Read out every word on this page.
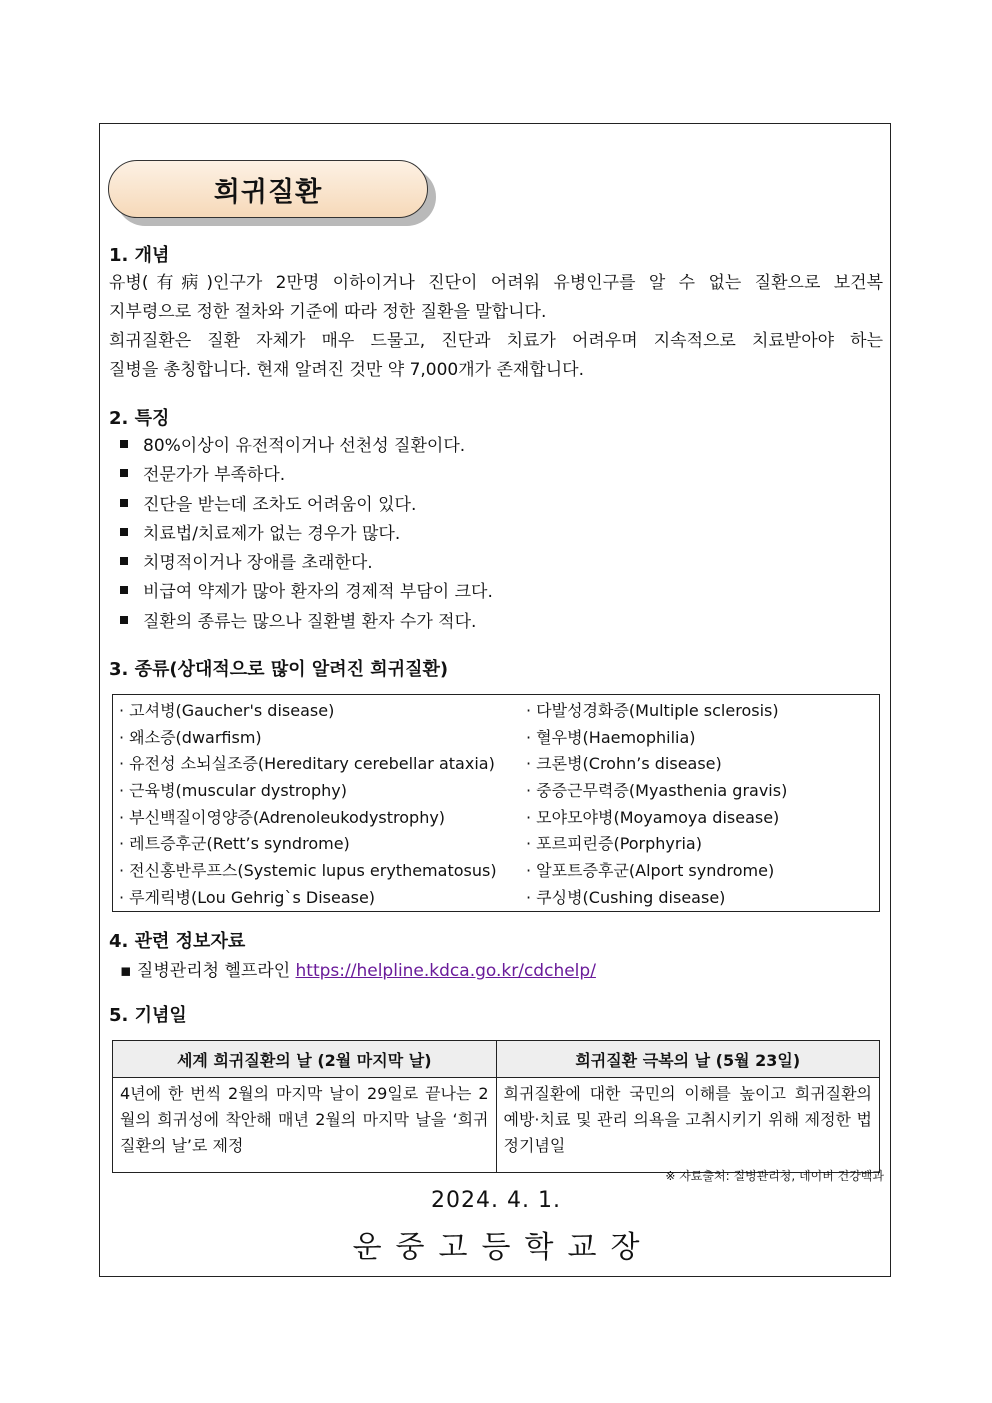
희귀질환
1. 개념
유병(有病)인구가 2만명 이하이거나 진단이 어려워 유병인구를 알 수 없는 질환으로 보건복
지부령으로 정한 절차와 기준에 따라 정한 질환을 말합니다.
희귀질환은 질환 자체가 매우 드물고, 진단과 치료가 어려우며 지속적으로 치료받아야 하는
질병을 총칭합니다. 현재 알려진 것만 약 7,000개가 존재합니다.
2. 특징
80%이상이 유전적이거나 선천성 질환이다.
전문가가 부족하다.
진단을 받는데 조차도 어려움이 있다.
치료법/치료제가 없는 경우가 많다.
치명적이거나 장애를 초래한다.
비급여 약제가 많아 환자의 경제적 부담이 크다.
질환의 종류는 많으나 질환별 환자 수가 적다.
3. 종류(상대적으로 많이 알려진 희귀질환)
· 고셔병(Gaucher's disease)
· 왜소증(dwarfism)
· 유전성 소뇌실조증(Hereditary cerebellar ataxia)
· 근육병(muscular dystrophy)
· 부신백질이영양증(Adrenoleukodystrophy)
· 레트증후군(Rett’s syndrome)
· 전신홍반루프스(Systemic lupus erythematosus)
· 루게릭병(Lou Gehrig`s Disease)
· 다발성경화증(Multiple sclerosis)
· 혈우병(Haemophilia)
· 크론병(Crohn’s disease)
· 중증근무력증(Myasthenia gravis)
· 모야모야병(Moyamoya disease)
· 포르피린증(Porphyria)
· 알포트증후군(Alport syndrome)
· 쿠싱병(Cushing disease)
4. 관련 정보자료
▪ 질병관리청 헬프라인 https://helpline.kdca.go.kr/cdchelp/
5. 기념일
세계 희귀질환의 날 (2월 마지막 날)	희귀질환 극복의 날 (5월 23일)
4년에 한 번씩 2월의 마지막 날이 29일로 끝나는 2월의 희귀성에 착안해 매년 2월의 마지막 날을 ‘희귀질환의 날’로 제정	희귀질환에 대한 국민의 이해를 높이고 희귀질환의 예방·치료 및 관리 의욕을 고취시키기 위해 제정한 법정기념일
※ 자료출처: 질병관리청, 네이버 건강백과
2024. 4. 1.
운중고등학교장
